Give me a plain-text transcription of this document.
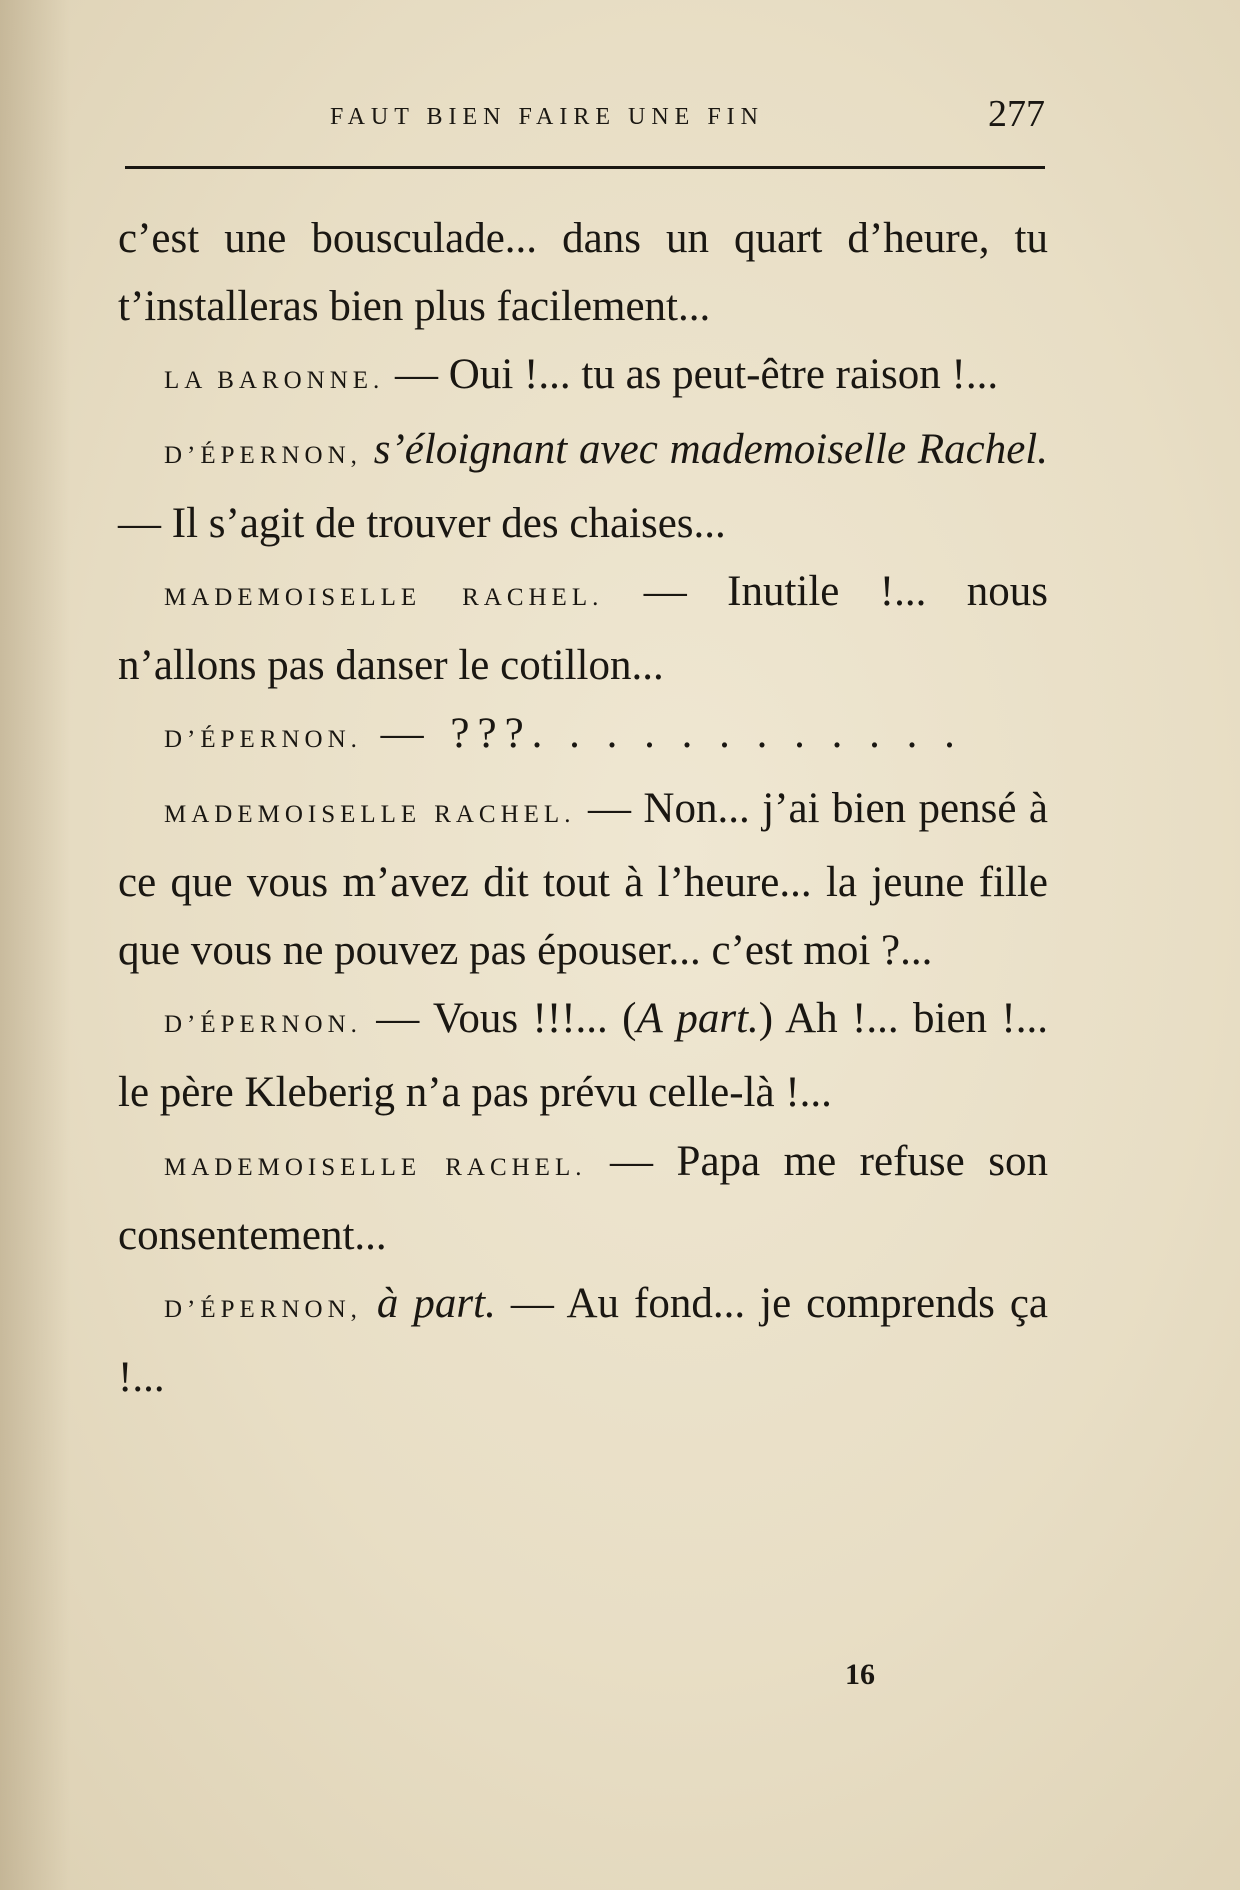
FAUT BIEN FAIRE UNE FIN	277

c’est une bousculade... dans un quart d’heure, tu t’installeras bien plus facilement...

LA BARONNE. — Oui !... tu as peut-être raison !...

D’ÉPERNON, s’éloignant avec mademoiselle Rachel. — Il s’agit de trouver des chaises...

MADEMOISELLE RACHEL. — Inutile !... nous n’allons pas danser le cotillon...

D’ÉPERNON. — ???. . . . . . . . . . . .

MADEMOISELLE RACHEL. — Non... j’ai bien pensé à ce que vous m’avez dit tout à l’heure... la jeune fille que vous ne pouvez pas épouser... c’est moi ?...

D’ÉPERNON. — Vous !!!... (A part.) Ah !... bien !... le père Kleberig n’a pas prévu celle-là !...

MADEMOISELLE RACHEL. — Papa me refuse son consentement...

D’ÉPERNON, à part. — Au fond... je comprends ça !...

16
